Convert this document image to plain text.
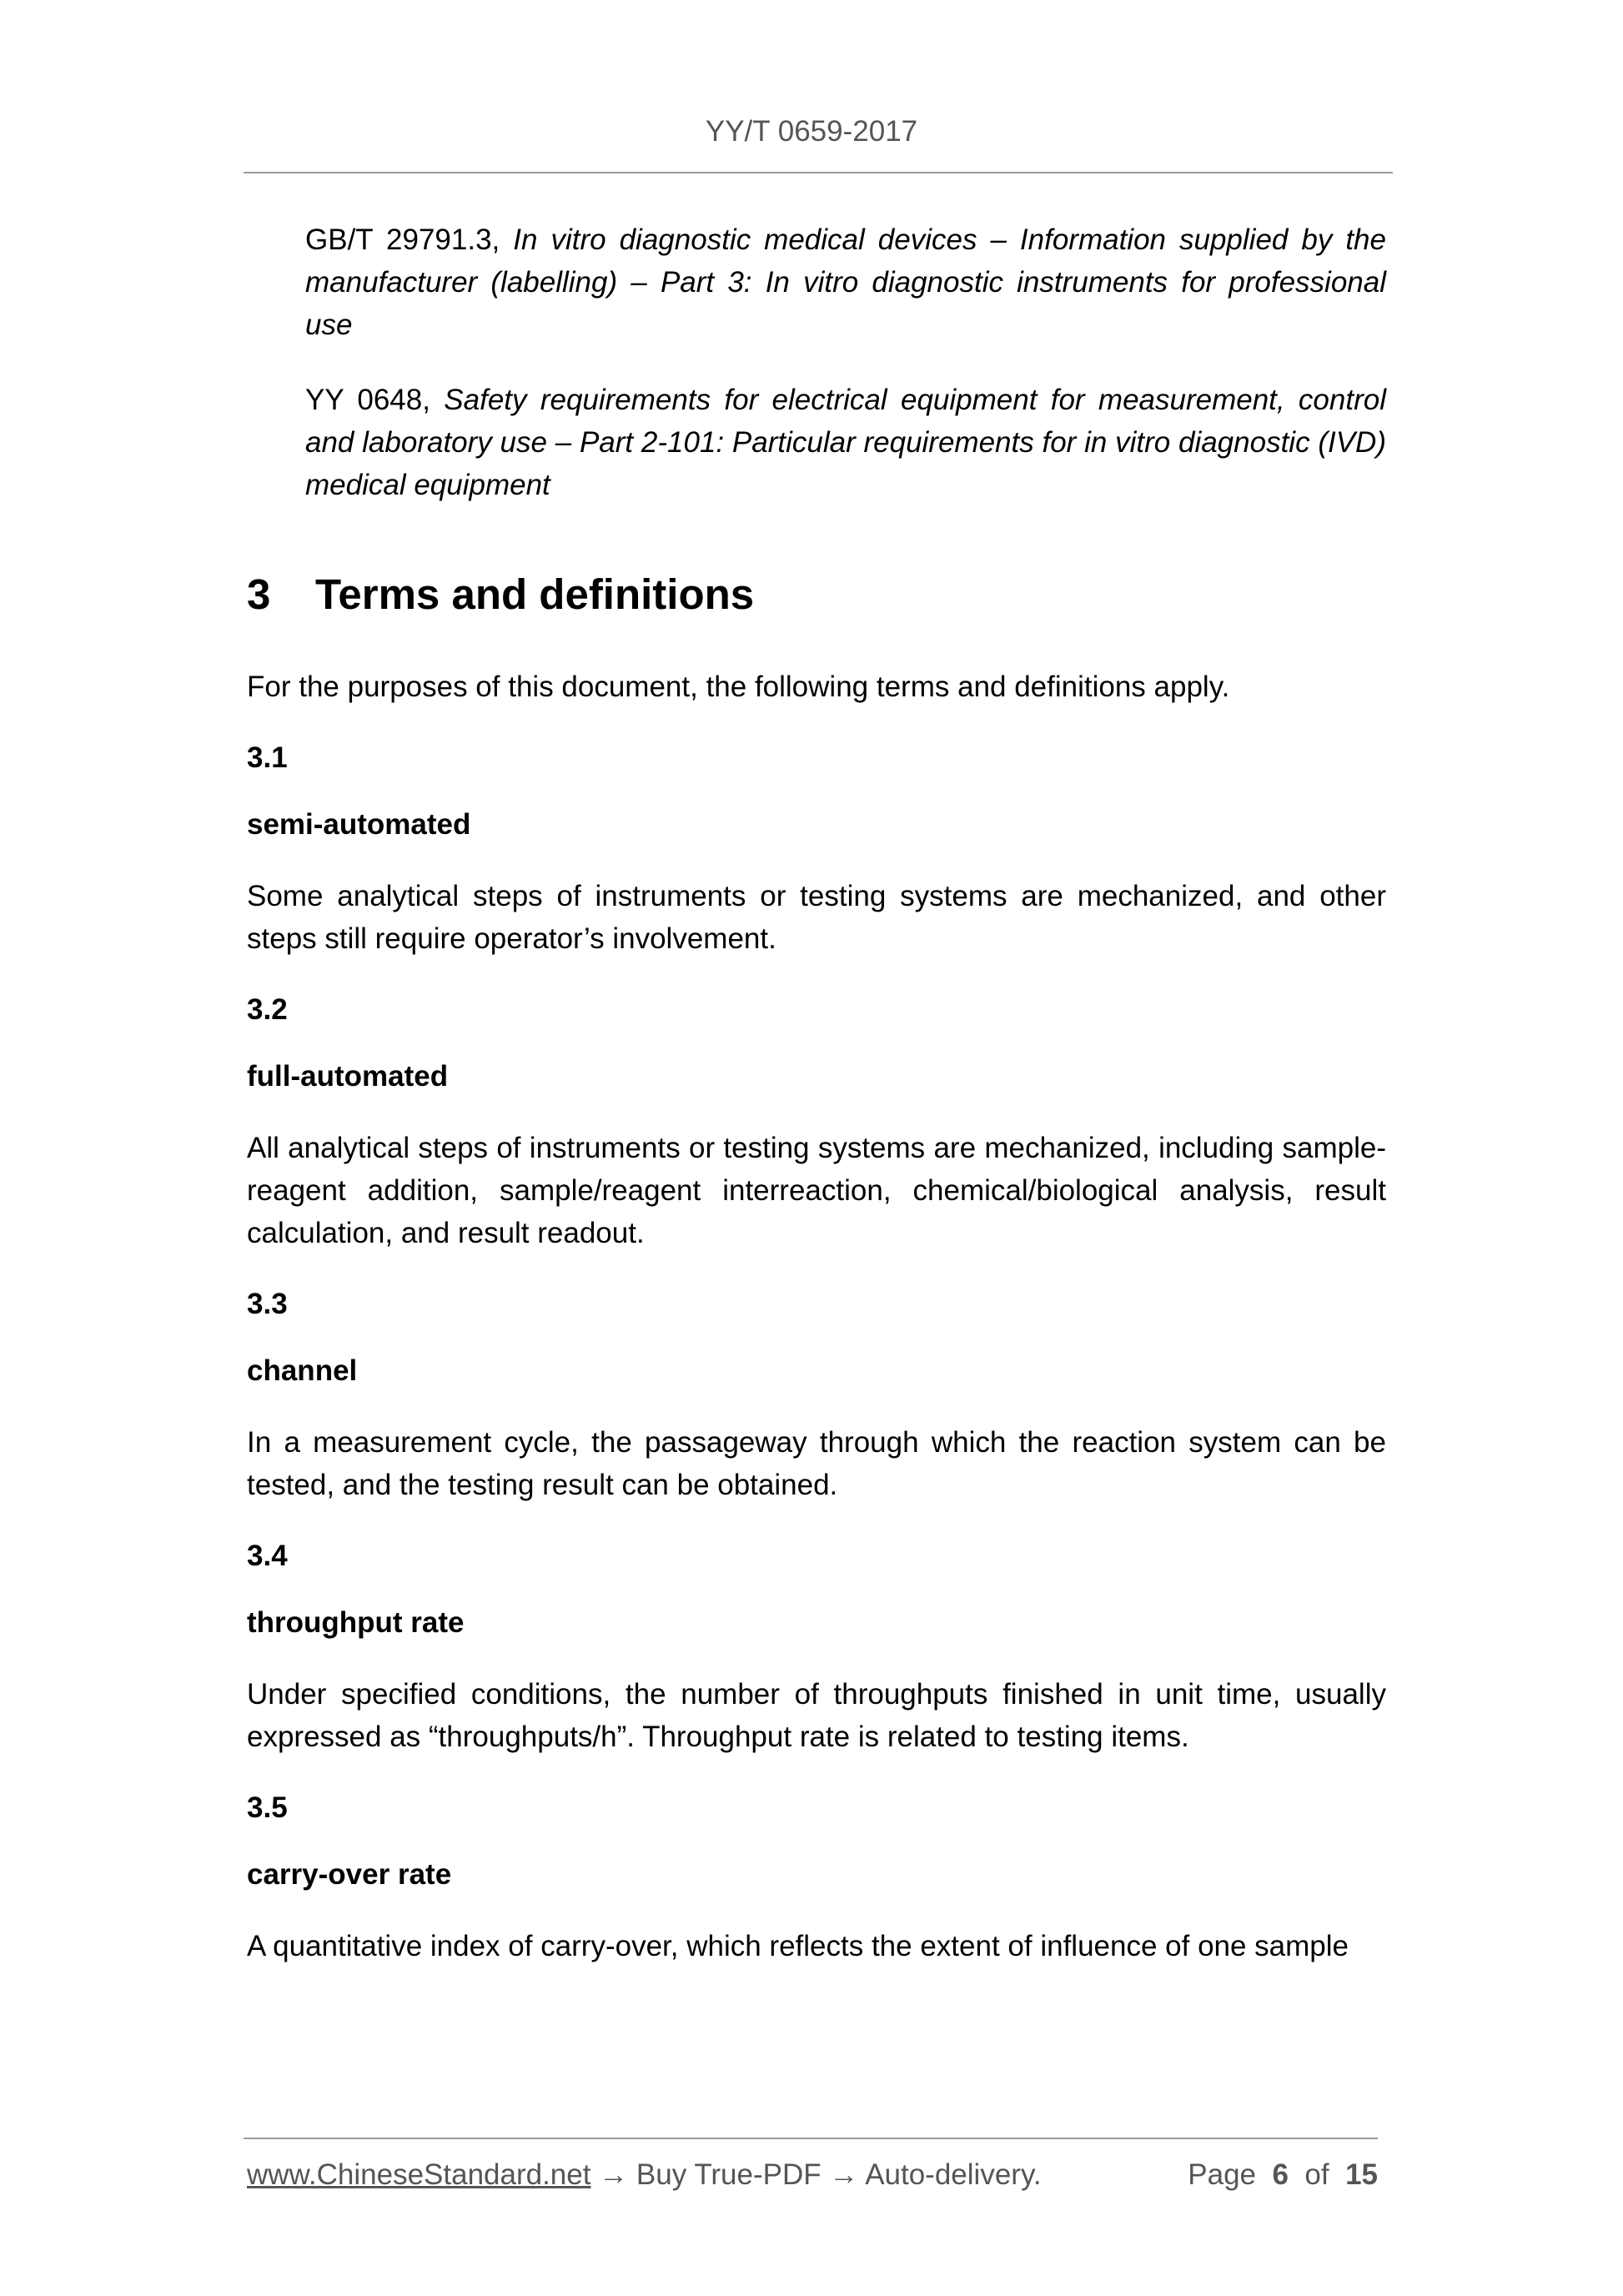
YY/T 0659-2017
GB/T 29791.3, In vitro diagnostic medical devices – Information supplied by the manufacturer (labelling) – Part 3: In vitro diagnostic instruments for professional use
YY 0648, Safety requirements for electrical equipment for measurement, control and laboratory use – Part 2-101: Particular requirements for in vitro diagnostic (IVD) medical equipment
3 Terms and definitions

For the purposes of this document, the following terms and definitions apply.

3.1

semi-automated

Some analytical steps of instruments or testing systems are mechanized, and other steps still require operator’s involvement.

3.2

full-automated

All analytical steps of instruments or testing systems are mechanized, including sample-reagent addition, sample/reagent interreaction, chemical/biological analysis, result calculation, and result readout.

3.3

channel

In a measurement cycle, the passageway through which the reaction system can be tested, and the testing result can be obtained.

3.4

throughput rate

Under specified conditions, the number of throughputs finished in unit time, usually expressed as “throughputs/h”. Throughput rate is related to testing items.

3.5

carry-over rate

A quantitative index of carry-over, which reflects the extent of influence of one sample

www.ChineseStandard.net → Buy True-PDF → Auto-delivery.	Page 6 of 15
